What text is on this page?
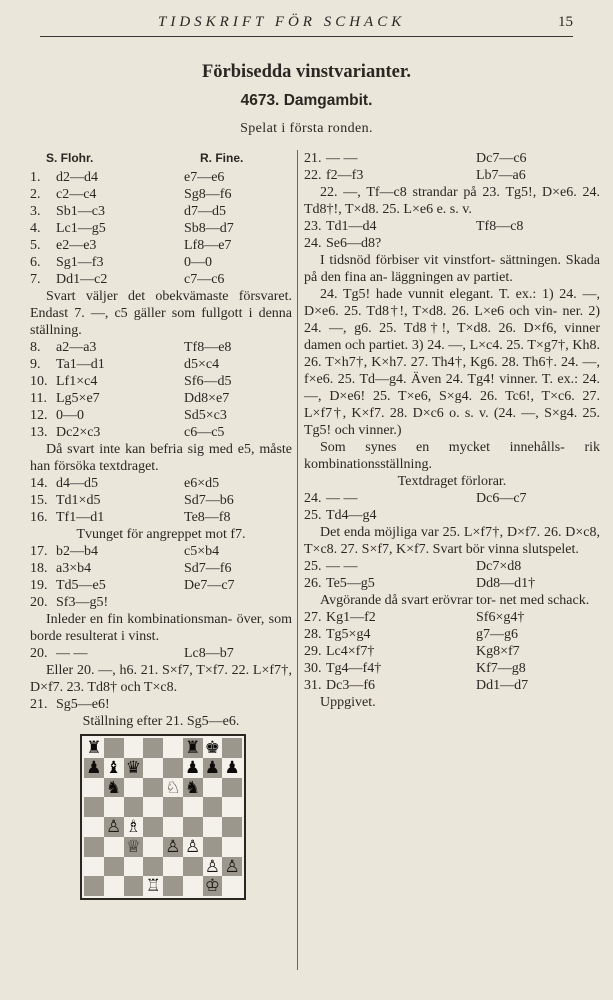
TIDSKRIFT FÖR SCHACK	15
Förbisedda vinstvarianter.
4673. Damgambit.
Spelat i första ronden.
S. Flohr.	R. Fine.
1.	d2—d4	e7—e6
2.	c2—c4	Sg8—f6
3.	Sb1—c3	d7—d5
4.	Lc1—g5	Sb8—d7
5.	e2—e3	Lf8—e7
6.	Sg1—f3	0—0
7.	Dd1—c2	c7—c6

Svart väljer det obekvämaste försvaret. Endast 7. —, c5 gäller som fullgott i denna ställning.

8.	a2—a3	Tf8—e8
9.	Ta1—d1	d5×c4
10. Lf1×c4	Sf6—d5
11. Lg5×e7	Dd8×e7
12. 0—0	Sd5×c3
13. Dc2×c3	c6—c5

Då svart inte kan befria sig med e5, måste han försöka textdraget.

14. d4—d5	e6×d5
15. Td1×d5	Sd7—b6
16. Tf1—d1	Te8—f8

Tvunget för angreppet mot f7.

17. b2—b4	c5×b4
18. a3×b4	Sd7—f6
19. Td5—e5	De7—c7
20. Sf3—g5!

Inleder en fin kombinationsman- över, som borde resulterat i vinst.

20. — —	Lc8—b7

Eller 20. —, h6. 21. S×f7, T×f7. 22. L×f7†, D×f7. 23. Td8† och T×c8.

21. Sg5—e6!

Ställning efter 21. Sg5—e6.

♜	♜ ♚
♟ ♝ ♛	♟ ♟ ♟
♞	♘ ♞
♙ ♗
♕ ♙ ♙
♙ ♙
♖	♔
21. — —	Dc7—c6
22. f2—f3	Lb7—a6

22. —, Tf—c8 strandar på 23. Tg5!, D×e6. 24. Td8†!, T×d8. 25. L×e6 e. s. v.

23. Td1—d4	Tf8—c8
24. Se6—d8?

I tidsnöd förbiser vit vinstfort- sättningen. Skada på den fina an- läggningen av partiet.

24. Tg5! hade vunnit elegant. T. ex.: 1) 24. —, D×e6. 25. Td8†!, T×d8. 26. L×e6 och vin- ner. 2) 24. —, g6. 25. Td8†!, T×d8. 26. D×f6, vinner damen och partiet. 3) 24. —, L×c4. 25. T×g7†, Kh8. 26. T×h7†, K×h7. 27. Th4†, Kg6. 28. Th6†. 24. —, f×e6. 25. Td—g4. Även 24. Tg4! vinner. T. ex.: 24. —, D×e6! 25. T×e6, S×g4. 26. Tc6!, T×c6. 27. L×f7†, K×f7. 28. D×c6 o. s. v. (24. —, S×g4. 25. Tg5! och vinner.)

Som synes en mycket innehålls- rik kombinationsställning.

Textdraget förlorar.

24. — —	Dc6—c7
25. Td4—g4

Det enda möjliga var 25. L×f7†, D×f7. 26. D×c8, T×c8. 27. S×f7, K×f7. Svart bör vinna slutspelet.

25. — —	Dc7×d8
26. Te5—g5	Dd8—d1†

Avgörande då svart erövrar tor- net med schack.

27. Kg1—f2	Sf6×g4†
28. Tg5×g4	g7—g6
29. Lc4×f7†	Kg8×f7
30. Tg4—f4†	Kf7—g8
31. Dc3—f6	Dd1—d7

Uppgivet.
